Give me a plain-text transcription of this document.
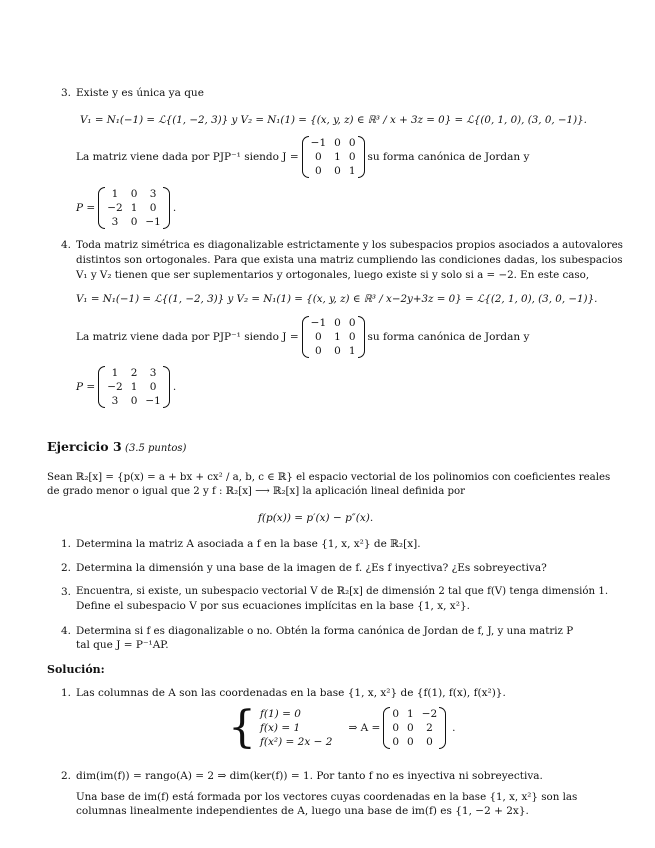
3. Existe y es única ya que
V₁ = N₁(−1) = ℒ{(1, −2, 3)} y V₂ = N₁(1) = {(x, y, z) ∈ ℝ³ / x + 3z = 0} = ℒ{(0, 1, 0), (3, 0, −1)}.
La matriz viene dada por PJP⁻¹ siendo J =
−1 0 0
0	1 0
0	0 1
su forma canónica de Jordan y
P =
1	0	3
−2 1	0
3	0 −1
.
4. Toda matriz simétrica es diagonalizable estrictamente y los subespacios propios asociados a autovalores
distintos son ortogonales. Para que exista una matriz cumpliendo las condiciones dadas, los subespacios
V₁ y V₂ tienen que ser suplementarios y ortogonales, luego existe si y solo si a = −2. En este caso,
V₁ = N₁(−1) = ℒ{(1, −2, 3)} y V₂ = N₁(1) = {(x, y, z) ∈ ℝ³ / x−2y+3z = 0} = ℒ{(2, 1, 0), (3, 0, −1)}.
La matriz viene dada por PJP⁻¹ siendo J =
−1 0 0
0	1 0
0	0 1
su forma canónica de Jordan y
P =
1	2	3
−2 1	0
3	0 −1
.
Ejercicio 3 (3.5 puntos)
Sean ℝ₂[x] = {p(x) = a + bx + cx² / a, b, c ∈ ℝ} el espacio vectorial de los polinomios con coeficientes reales
de grado menor o igual que 2 y f : ℝ₂[x] ⟶ ℝ₂[x] la aplicación lineal definida por
f(p(x)) = p′(x) − p″(x).
1. Determina la matriz A asociada a f en la base {1, x, x²} de ℝ₂[x].
2. Determina la dimensión y una base de la imagen de f. ¿Es f inyectiva? ¿Es sobreyectiva?
3. Encuentra, si existe, un subespacio vectorial V de ℝ₂[x] de dimensión 2 tal que f(V) tenga dimensión 1.
Define el subespacio V por sus ecuaciones implícitas en la base {1, x, x²}.
4. Determina si f es diagonalizable o no. Obtén la forma canónica de Jordan de f, J, y una matriz P
tal que J = P⁻¹AP.
Solución:
1. Las columnas de A son las coordenadas en la base {1, x, x²} de {f(1), f(x), f(x²)}.
{ f(1) = 0
f(x) = 1
f(x²) = 2x − 2
⇒ A =
0 1 −2
0 0	2
0 0	0
.
2. dim(im(f)) = rango(A) = 2 ⇒ dim(ker(f)) = 1. Por tanto f no es inyectiva ni sobreyectiva.
Una base de im(f) está formada por los vectores cuyas coordenadas en la base {1, x, x²} son las
columnas linealmente independientes de A, luego una base de im(f) es {1, −2 + 2x}.
